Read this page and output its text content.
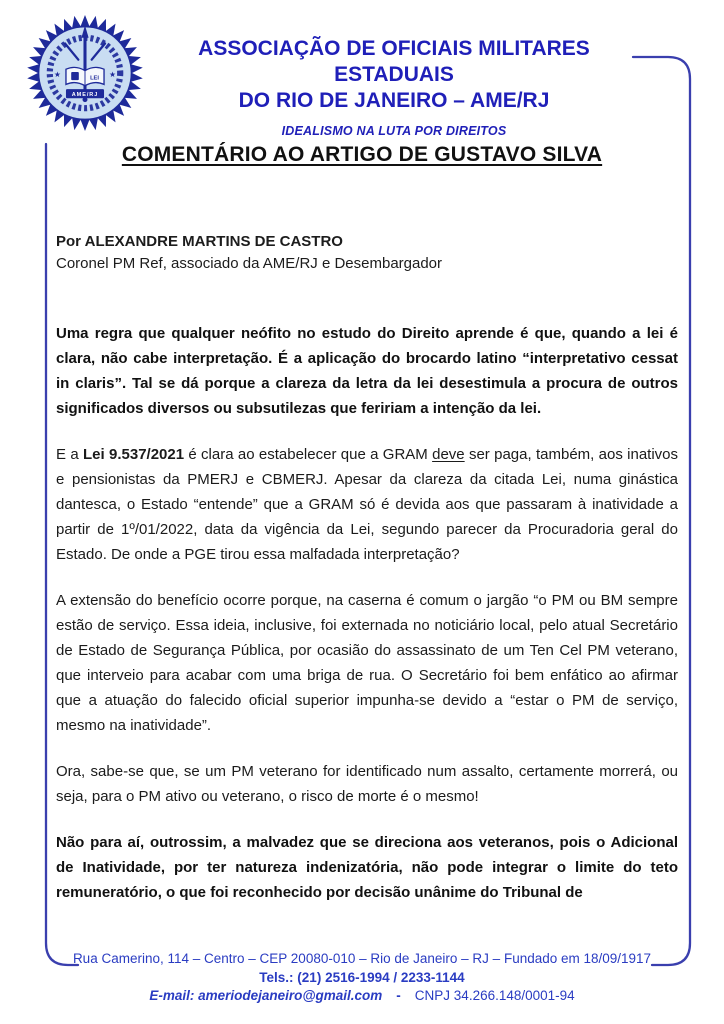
★	★
LEI
AME/RJ
ASSOCIAÇÃO DE OFICIAIS MILITARES ESTADUAIS
DO RIO DE JANEIRO – AME/RJ
IDEALISMO NA LUTA POR DIREITOS
COMENTÁRIO AO ARTIGO DE GUSTAVO SILVA
Por ALEXANDRE MARTINS DE CASTRO
Coronel PM Ref, associado da AME/RJ e Desembargador

Uma regra que qualquer neófito no estudo do Direito aprende é que, quando a lei é clara, não cabe interpretação. É a aplicação do brocardo latino “interpretativo cessat in claris”. Tal se dá porque a clareza da letra da lei desestimula a procura de outros significados diversos ou subsutilezas que feririam a intenção da lei.

E a Lei 9.537/2021 é clara ao estabelecer que a GRAM deve ser paga, também, aos inativos e pensionistas da PMERJ e CBMERJ. Apesar da clareza da citada Lei, numa ginástica dantesca, o Estado “entende” que a GRAM só é devida aos que passaram à inatividade a partir de 1º/01/2022, data da vigência da Lei, segundo parecer da Procuradoria geral do Estado. De onde a PGE tirou essa malfadada interpretação?

A extensão do benefício ocorre porque, na caserna é comum o jargão “o PM ou BM sempre estão de serviço. Essa ideia, inclusive, foi externada no noticiário local, pelo atual Secretário de Estado de Segurança Pública, por ocasião do assassinato de um Ten Cel PM veterano, que interveio para acabar com uma briga de rua. O Secretário foi bem enfático ao afirmar que a atuação do falecido oficial superior impunha-se devido a “estar o PM de serviço, mesmo na inatividade”.

Ora, sabe-se que, se um PM veterano for identificado num assalto, certamente morrerá, ou seja, para o PM ativo ou veterano, o risco de morte é o mesmo!

Não para aí, outrossim, a malvadez que se direciona aos veteranos, pois o Adicional de Inatividade, por ter natureza indenizatória, não pode integrar o limite do teto remuneratório, o que foi reconhecido por decisão unânime do Tribunal de

Rua Camerino, 114 – Centro – CEP 20080-010 – Rio de Janeiro – RJ – Fundado em 18/09/1917
Tels.: (21) 2516-1994 / 2233-1144
E-mail: ameriodejaneiro@gmail.com - CNPJ 34.266.148/0001-94
